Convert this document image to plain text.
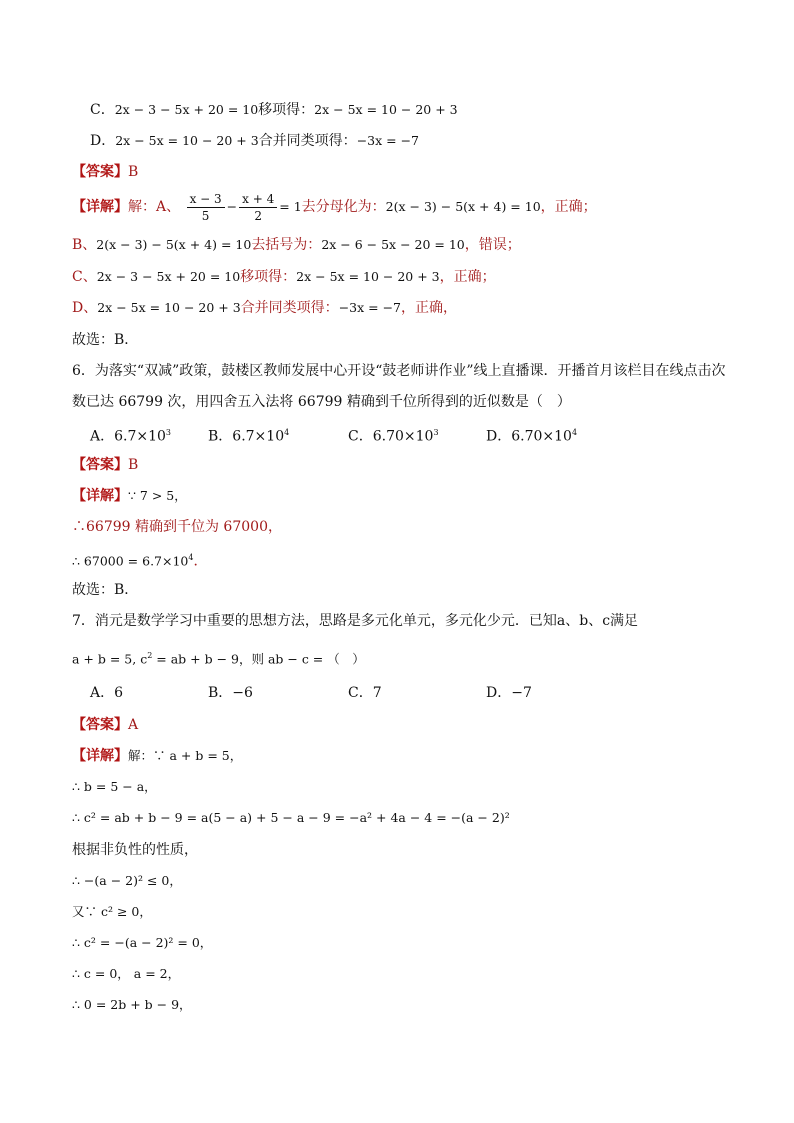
C．2x − 3 − 5x + 20 = 10移项得：2x − 5x = 10 − 20 + 3
D．2x − 5x = 10 − 20 + 3合并同类项得：−3x = −7
【答案】B
【详解】解：A、 $\frac{x - 3}{5} - \frac{x + 4}{2} = 1$去分母化为：2(x − 3) − 5(x + 4) = 10，正确；
B、2(x − 3) − 5(x + 4) = 10去括号为：2x − 6 − 5x − 20 = 10，错误；
C、2x − 3 − 5x + 20 = 10移项得：2x − 5x = 10 − 20 + 3，正确；
D、2x − 5x = 10 − 20 + 3合并同类项得：−3x = −7，正确，
故选：B．
6．为落实“双减”政策，鼓楼区教师发展中心开设“鼓老师讲作业”线上直播课．开播首月该栏目在线点击次
数已达 66799 次，用四舍五入法将 66799 精确到千位所得到的近似数是（　）
A．$6.7\times 10^3$	B．$6.7\times 10^4$	C．$6.70\times 10^3$	D．$6.70\times 10^4$
【答案】B
【详解】∵ 7 > 5，
∴66799 精确到千位为 67000，
∴ $67000 = 6.7\times 10^4$．
故选：B．
7．消元是数学学习中重要的思想方法，思路是多元化单元，多元化少元．已知a、b、c满足
a + b = 5, $c^2$ = ab + b − 9，则 ab − c = （　）
A．6	B．−6	C．7	D．−7
【答案】A
【详解】解：∵ a + b = 5，
∴ b = 5 − a，
∴ c² = ab + b − 9 = a(5 − a) + 5 − a − 9 = −a² + 4a − 4 = −(a − 2)²
根据非负性的性质，
∴ −(a − 2)² ≤ 0，
又∵ c² ≥ 0，
∴ c² = −(a − 2)² = 0，
∴ c = 0， a = 2，
∴ 0 = 2b + b − 9，
